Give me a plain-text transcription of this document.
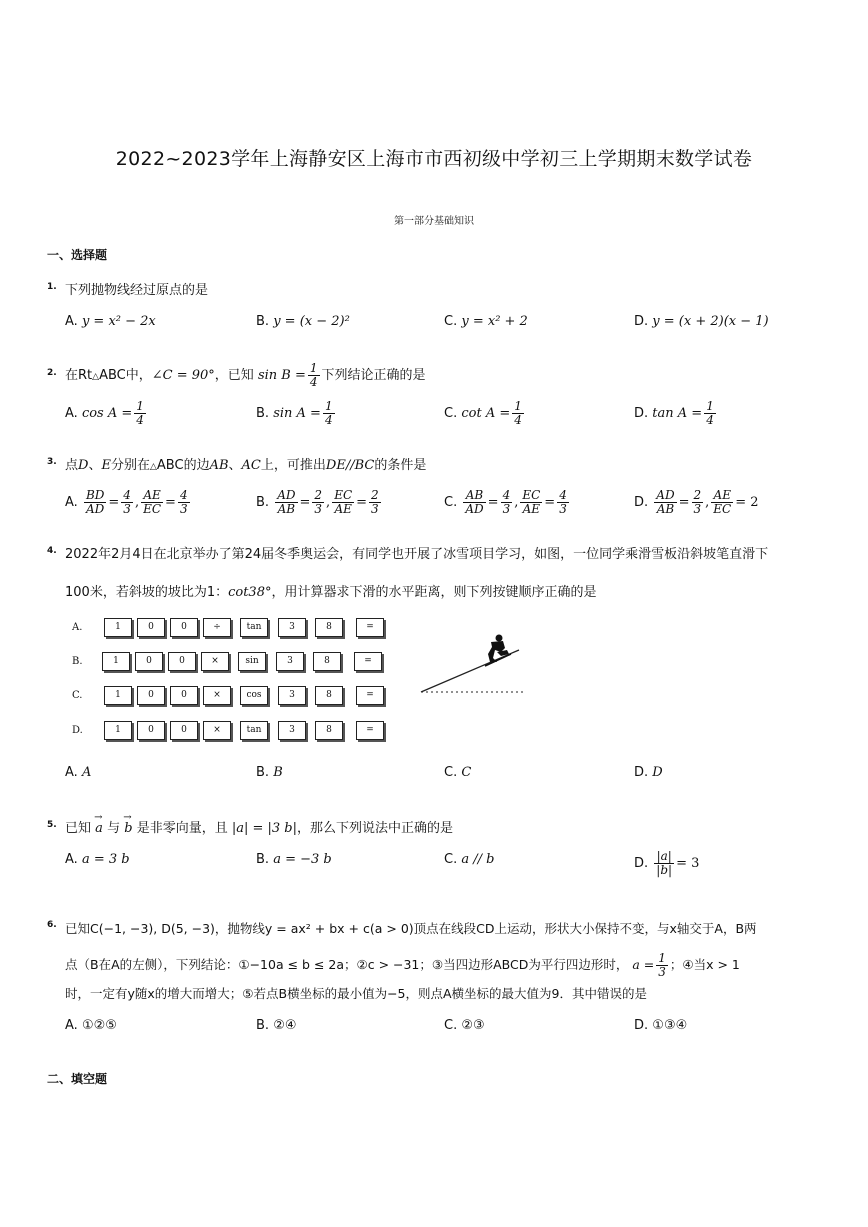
2022~2023学年上海静安区上海市市西初级中学初三上学期期末数学试卷
第一部分基础知识
一、选择题
1. 下列抛物线经过原点的是
A. y = x² − 2x	B. y = (x − 2)²	C. y = x² + 2	D. y = (x + 2)(x − 1)
2. 在Rt△ABC中，∠C = 90°，已知 $\sin B = \frac{1}{4}$ 下列结论正确的是
A. $\cos A = \frac{1}{4}$	B. $\sin A = \frac{1}{4}$	C. $\cot A = \frac{1}{4}$	D. $\tan A = \frac{1}{4}$
3. 点D、E分别在△ABC的边AB、AC上，可推出DE//BC的条件是
A. $\frac{BD}{AD} = \frac{4}{3}$ , $\frac{AE}{EC} = \frac{4}{3}$	B. $\frac{AD}{AB} = \frac{2}{3}$ , $\frac{EC}{AE} = \frac{2}{3}$	C. $\frac{AB}{AD} = \frac{4}{3}$ , $\frac{EC}{AE} = \frac{4}{3}$	D. $\frac{AD}{AB} = \frac{2}{3}$ , $\frac{AE}{EC} = 2$
4. 2022年2月4日在北京举办了第24届冬季奥运会，有同学也开展了冰雪项目学习，如图，一位同学乘滑雪板沿斜坡笔直滑下
100米，若斜坡的坡比为1：cot38°，用计算器求下滑的水平距离，则下列按键顺序正确的是
A.	1	0	0	÷	tan	3	8	=
B.	1	0	0	×	sin	3	8	=
C.	1	0	0	×	cos	3	8	=
D.	1	0	0	×	tan	3	8	=
A. A	B. B	C. C	D. D
5. 已知 → a 与 → b 是非零向量，且 |a| = |3 b|，那么下列说法中正确的是
A. a = 3 b	B. a = −3 b	C. a // b	D. $\frac{|a|}{|b|} = 3$
6. 已知C(−1, −3), D(5, −3)，抛物线y = ax² + bx + c(a > 0)顶点在线段CD上运动，形状大小保持不变，与x轴交于A，B两
点（B在A的左侧），下列结论：①−10a ≤ b ≤ 2a；②c > −31；③当四边形ABCD为平行四边形时， $a = \frac{1}{3}$ ；④当x > 1
时，一定有y随x的增大而增大；⑤若点B横坐标的最小值为−5，则点A横坐标的最大值为9．其中错误的是
A. ①②⑤	B. ②④	C. ②③	D. ①③④
二、填空题
